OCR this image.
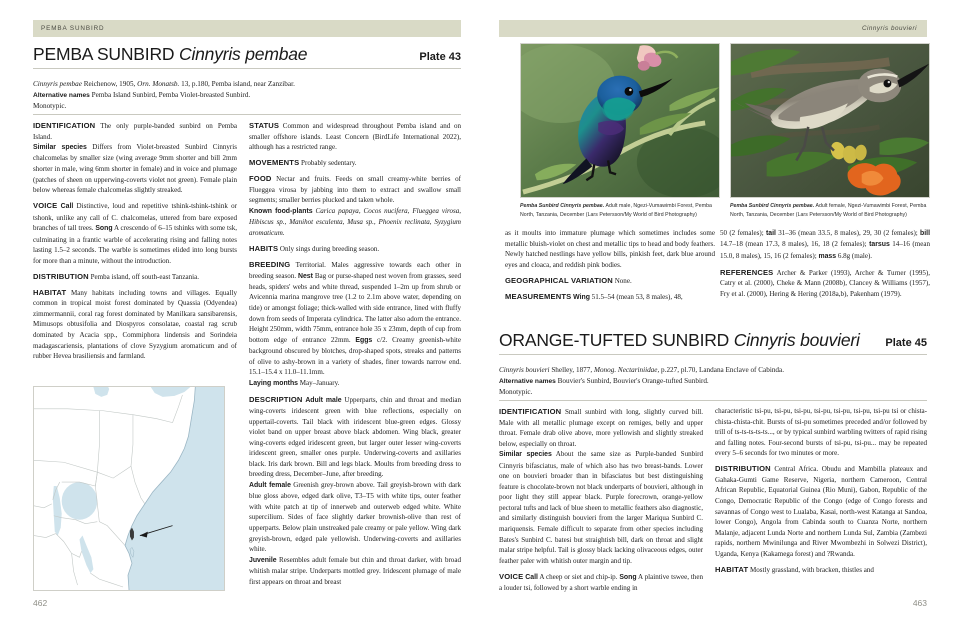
PEMBA SUNBIRD
PEMBA SUNBIRD Cinnyris pembae	Plate 43
Cinnyris pembae Reichenow, 1905, Orn. Monatsb. 13, p.180, Pemba island, near Zanzibar.
Alternative names Pemba Island Sunbird, Pemba Violet-breasted Sunbird.
Monotypic.

IDENTIFICATION The only purple-banded sunbird on Pemba Island.
Similar species Differs from Violet-breasted Sunbird Cinnyris chalcomelas by smaller size (wing average 9mm shorter and bill 2mm shorter in male, wing 6mm shorter in female) and in voice and plumage (patches of sheen on upperwing-coverts violet not green). Female plain below whereas female chalcomelas slightly streaked.

VOICE Call Distinctive, loud and repetitive tshink-tshink-tshink or tshonk, unlike any call of C. chalcomelas, uttered from bare exposed branches of tall trees. Song A crescendo of 6–15 tshinks with some tsk, culminating in a frantic warble of accelerating rising and falling notes lasting 1.5–2 seconds. The warble is sometimes elided into long bursts for more than a minute, without the introduction.

DISTRIBUTION Pemba island, off south-east Tanzania.

HABITAT Many habitats including towns and villages. Equally common in tropical moist forest dominated by Quassia (Odyendea) zimmermannii, coral rag forest dominated by Manilkara sansibarensis, Mimusops obtusifolia and Diospyros consolatae, coastal rag scrub dominated by Acacia spp., Commiphora lindensis and Sorindeia madagascariensis, plantations of clove Syzygium aromaticum and of rubber Hevea brasiliensis and farmland.

STATUS Common and widespread throughout Pemba island and on smaller offshore islands. Least Concern (BirdLife International 2022), although has a restricted range.

MOVEMENTS Probably sedentary.

FOOD Nectar and fruits. Feeds on small creamy-white berries of Flueggea virosa by jabbing into them to extract and swallow small segments; smaller berries plucked and taken whole.
Known food-plants Carica papaya, Cocos nucifera, Flueggea virosa, Hibiscus sp., Manihot esculenta, Musa sp., Phoenix reclinata, Syzygium aromaticum.

HABITS Only sings during breeding season.

BREEDING Territorial. Males aggressive towards each other in breeding season. Nest Bag or purse-shaped nest woven from grasses, seed heads, spiders' webs and white thread, suspended 1–2m up from shrub or Avicennia marina mangrove tree (1.2 to 2.1m above water, depending on tide) or amongst foliage; thick-walled with side entrance, lined with fluffy down from seeds of Imperata cylindrica. The latter also adorn the entrance. Height 250mm, width 75mm, entrance hole 35 x 23mm, depth of cup from bottom edge of entrance 22mm. Eggs c/2. Creamy greenish-white background obscured by blotches, drop-shaped spots, streaks and patterns of olive to ashy-brown in a variety of shades, finer towards narrow end. 15.1–15.4 x 11.0–11.1mm.
Laying months May–January.

DESCRIPTION Adult male Upperparts, chin and throat and median wing-coverts iridescent green with blue reflections, especially on uppertail-coverts. Tail black with iridescent blue-green edges. Glossy violet band on upper breast above black abdomen. Wing black, greater wing-coverts edged iridescent green, but larger outer lesser wing-coverts iridescent green, smaller ones purple. Underwing-coverts and axillaries black. Iris dark brown. Bill and legs black. Moults from breeding dress to breeding dress, December–June, after breeding.
Adult female Greenish grey-brown above. Tail greyish-brown with dark blue gloss above, edged dark olive, T3–T5 with white tips, outer feather with white patch at tip of innerweb and outerweb edged white. White supercilium. Sides of face slightly darker brownish-olive than rest of upperparts. Below plain unstreaked pale creamy or pale yellow. Wing dark greyish-brown, edged pale yellowish. Underwing-coverts and axillaries white.
Juvenile Resembles adult female but chin and throat darker, with broad whitish malar stripe. Underparts mottled grey. Iridescent plumage of male first appears on throat and breast

462
Cinnyris bouvieri
Pemba Sunbird Cinnyris pembae. Adult male, Ngezi-Vumawimbi Forest, Pemba North, Tanzania, December (Lars Petersson/My World of Bird Photography)
Pemba Sunbird Cinnyris pembae. Adult female, Ngezi-Vumawimbi Forest, Pemba North, Tanzania, December (Lars Petersson/My World of Bird Photography)

as it moults into immature plumage which sometimes includes some metallic bluish-violet on chest and metallic tips to head and body feathers. Newly hatched nestlings have yellow bills, pinkish feet, dark blue around eyes and cloaca, and reddish pink bodies.

GEOGRAPHICAL VARIATION None.

MEASUREMENTS Wing 51.5–54 (mean 53, 8 males), 48,

50 (2 females); tail 31–36 (mean 33.5, 8 males), 29, 30 (2 females); bill 14.7–18 (mean 17.3, 8 males), 16, 18 (2 females); tarsus 14–16 (mean 15.0, 8 males), 15, 16 (2 females); mass 6.8g (male).

REFERENCES Archer & Parker (1993), Archer & Turner (1995), Catry et al. (2000), Cheke & Mann (2008b), Clancey & Williams (1957), Fry et al. (2000), Hering & Hering (2018a,b), Pakenham (1979).

ORANGE-TUFTED SUNBIRD Cinnyris bouvieri Plate 45
Cinnyris bouvieri Shelley, 1877, Monog. Nectariniidae, p.227, pl.70, Landana Enclave of Cabinda.
Alternative names Bouvier's Sunbird, Bouvier's Orange-tufted Sunbird.
Monotypic.

IDENTIFICATION Small sunbird with long, slightly curved bill. Male with all metallic plumage except on remiges, belly and upper throat. Female drab olive above, more yellowish and slightly streaked below, especially on throat.
Similar species About the same size as Purple-banded Sunbird Cinnyris bifasciatus, male of which also has two breast-bands. Lower one on bouvieri broader than in bifasciatus but best distinguishing feature is chocolate-brown not black underparts of bouvieri, although in poor light they still appear black. Purple forecrown, orange-yellow pectoral tufts and lack of blue sheen to metallic feathers also diagnostic, and similarly distinguish bouvieri from the larger Mariqua Sunbird C. mariquensis. Female difficult to separate from other species including Bates's Sunbird C. batesi but straightish bill, dark on throat and slight malar stripe helpful. Tail is glossy black lacking olivaceous edges, outer feather paler with whitish outer margin and tip.

VOICE Call A cheep or siet and chip-ip. Song A plaintive tswee, then a louder tsi, followed by a short warble ending in

characteristic tsi-pu, tsi-pu, tsi-pu, tsi-pu, tsi-pu, tsi-pu, tsi-pu tsi or chista-chista-chista-chit. Bursts of tsi-pu sometimes preceded and/or followed by trill of ts-ts-ts-ts-ts..., or by typical sunbird warbling twitters of rapid rising and falling notes. Four-second bursts of tsi-pu, tsi-pu... may be repeated every 5–6 seconds for two minutes or more.

DISTRIBUTION Central Africa. Obudu and Mambilla plateaux and Gahaka-Gumti Game Reserve, Nigeria, northern Cameroon, Central African Republic, Equatorial Guinea (Rio Muni), Gabon, Republic of the Congo, Democratic Republic of the Congo (edge of Congo forests and savannas of Congo west to Lualaba, Kasai, north-west Katanga at Sandoa, lower Congo), Angola from Cabinda south to Cuanza Norte, northern Malanje, adjacent Lunda Norte and northern Lunda Sul, Zambia (Zambezi rapids, northern Mwinilunga and River Mwombezhi in Solwezi District), Uganda, Kenya (Kakamega forest) and ?Rwanda.

HABITAT Mostly grassland, with bracken, thistles and

463
